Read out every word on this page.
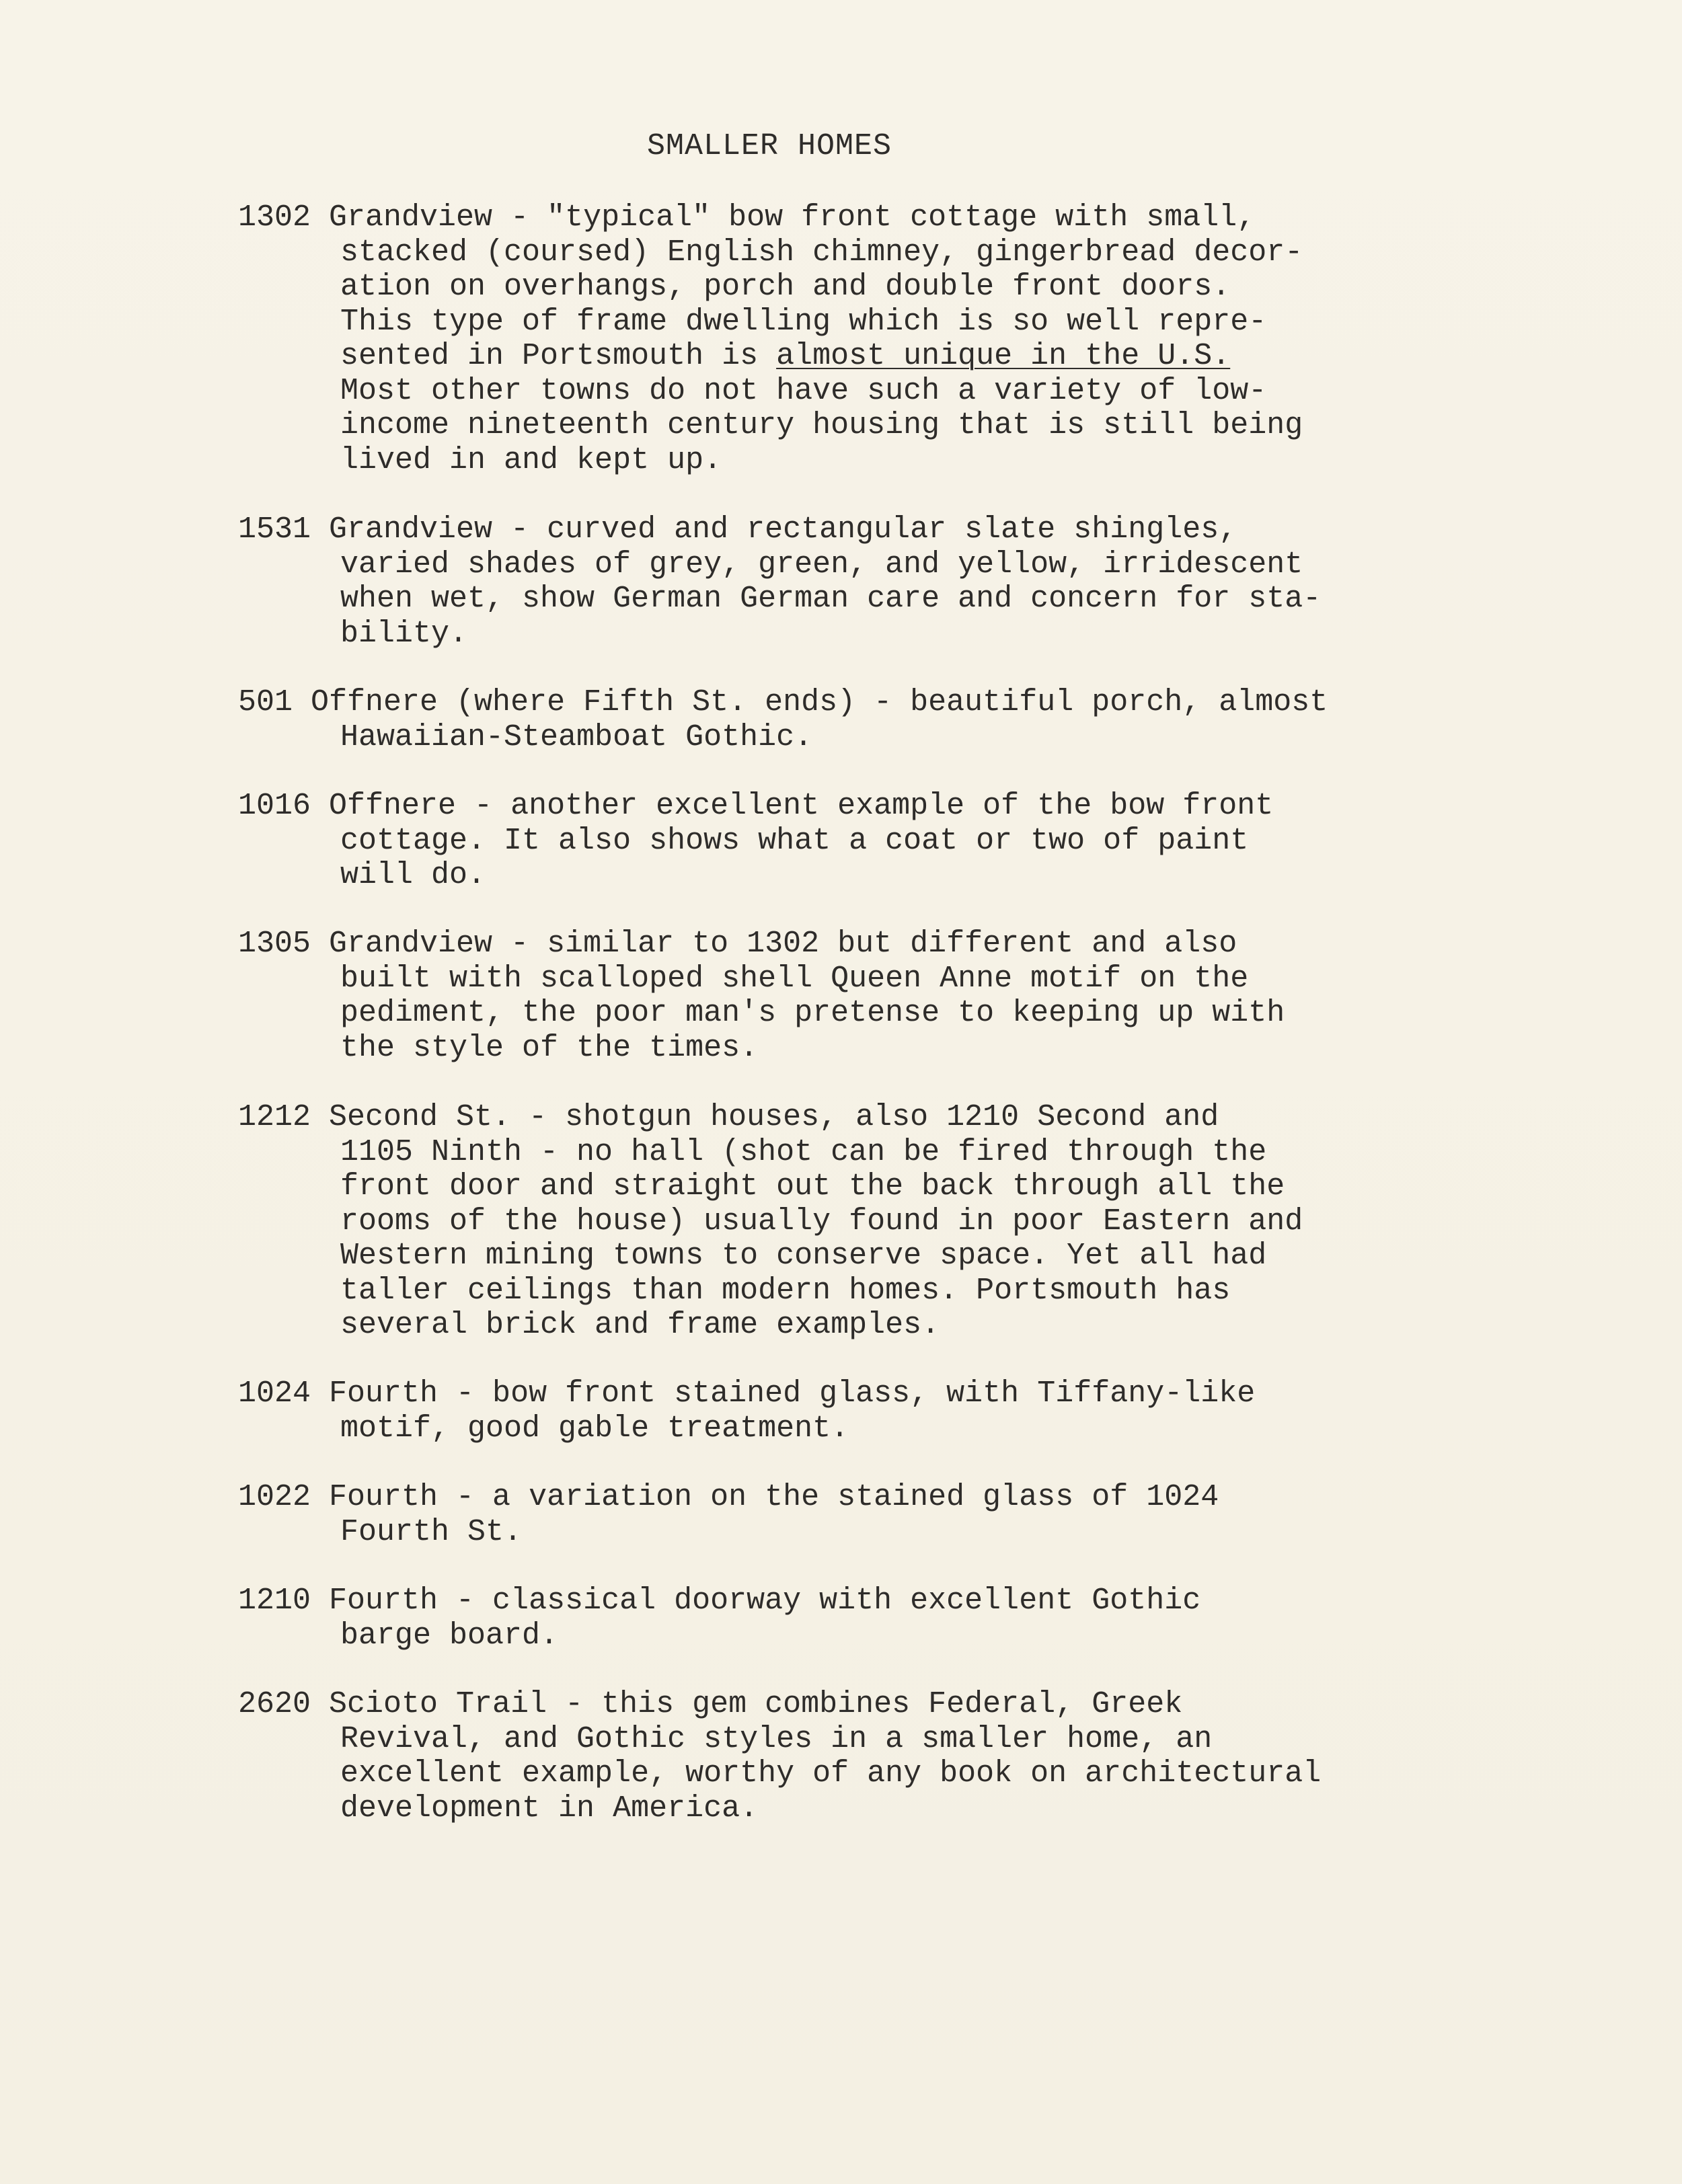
SMALLER HOMES
1302 Grandview - "typical" bow front cottage with small,
stacked (coursed) English chimney, gingerbread decor-
ation on overhangs, porch and double front doors.
This type of frame dwelling which is so well repre-
sented in Portsmouth is almost unique in the U.S.
Most other towns do not have such a variety of low-
income nineteenth century housing that is still being
lived in and kept up.
1531 Grandview - curved and rectangular slate shingles,
varied shades of grey, green, and yellow, irridescent
when wet, show German German care and concern for sta-
bility.
501 Offnere (where Fifth St. ends) - beautiful porch, almost
Hawaiian-Steamboat Gothic.
1016 Offnere - another excellent example of the bow front
cottage. It also shows what a coat or two of paint
will do.
1305 Grandview - similar to 1302 but different and also
built with scalloped shell Queen Anne motif on the
pediment, the poor man's pretense to keeping up with
the style of the times.
1212 Second St. - shotgun houses, also 1210 Second and
1105 Ninth - no hall (shot can be fired through the
front door and straight out the back through all the
rooms of the house) usually found in poor Eastern and
Western mining towns to conserve space. Yet all had
taller ceilings than modern homes. Portsmouth has
several brick and frame examples.
1024 Fourth - bow front stained glass, with Tiffany-like
motif, good gable treatment.
1022 Fourth - a variation on the stained glass of 1024
Fourth St.
1210 Fourth - classical doorway with excellent Gothic
barge board.
2620 Scioto Trail - this gem combines Federal, Greek
Revival, and Gothic styles in a smaller home, an
excellent example, worthy of any book on architectural
development in America.
